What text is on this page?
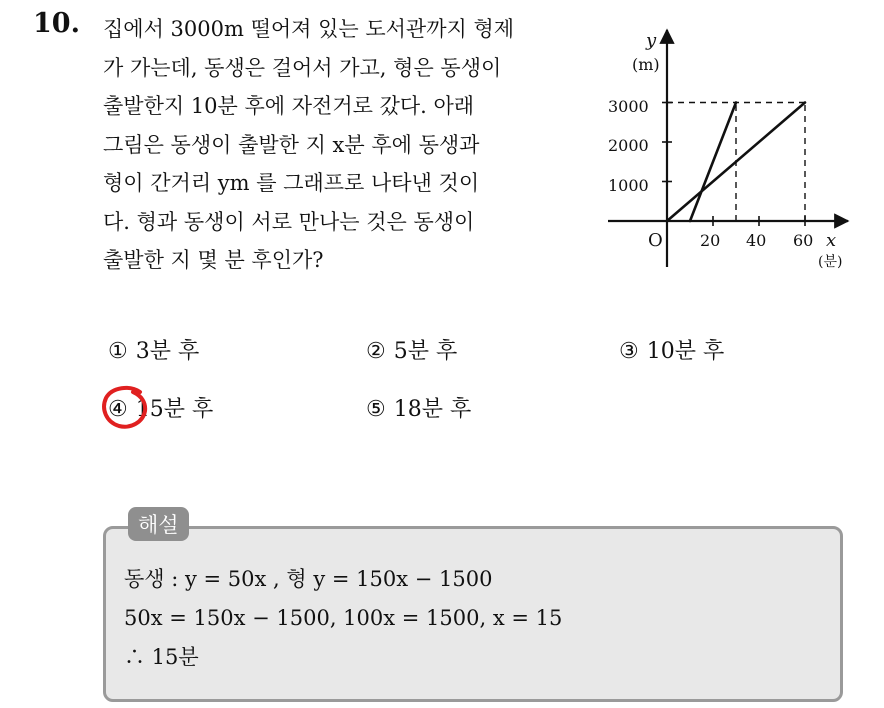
10. 집에서 3000m 떨어져 있는 도서관까지 형제
가 가는데, 동생은 걸어서 가고, 형은 동생이
출발한지 10분 후에 자전거로 갔다. 아래
그림은 동생이 출발한 지 x분 후에 동생과
형이 간거리 ym 를 그래프로 나타낸 것이
다. 형과 동생이 서로 만나는 것은 동생이
출발한 지 몇 분 후인가?
y
(m)
x
(분)
O
1000
2000
3000
20 40 60
① 3분 후	② 5분 후	③ 10분 후
④ 15분 후	⑤ 18분 후
해설
동생 : y = 50x , 형 y = 150x − 1500
50x = 150x − 1500, 100x = 1500, x = 15
∴ 15분
